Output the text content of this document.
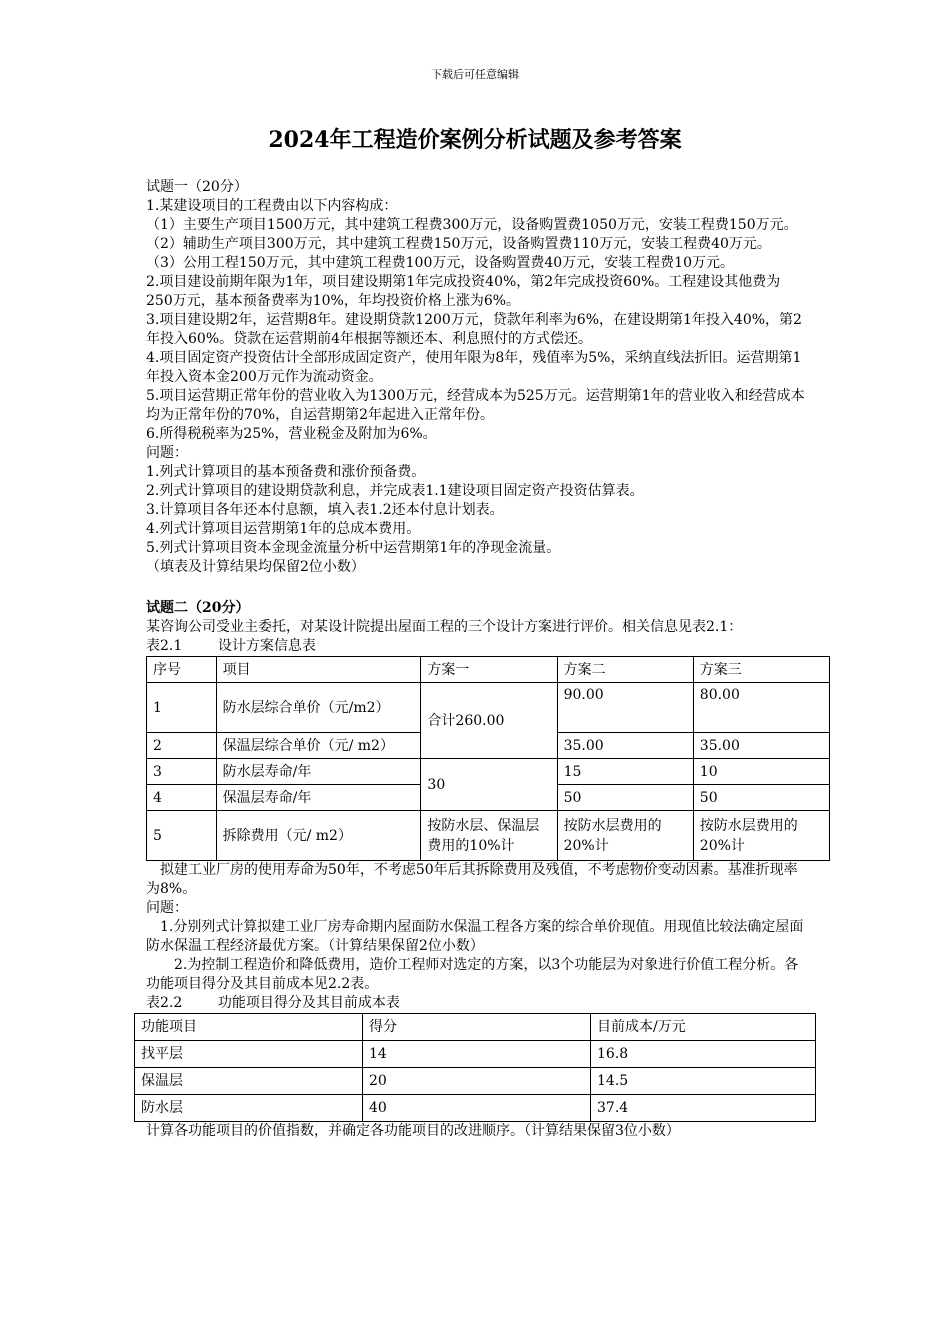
下载后可任意编辑
2024年工程造价案例分析试题及参考答案

试题一（20分）

1.某建设项目的工程费由以下内容构成：

（1）主要生产项目1500万元，其中建筑工程费300万元，设备购置费1050万元，安装工程费150万元。

（2）辅助生产项目300万元，其中建筑工程费150万元，设备购置费110万元，安装工程费40万元。

（3）公用工程150万元，其中建筑工程费100万元，设备购置费40万元，安装工程费10万元。

2.项目建设前期年限为1年，项目建设期第1年完成投资40%，第2年完成投资60%。工程建设其他费为250万元，基本预备费率为10%，年均投资价格上涨为6%。

3.项目建设期2年，运营期8年。建设期贷款1200万元，贷款年利率为6%，在建设期第1年投入40%，第2年投入60%。贷款在运营期前4年根据等额还本、利息照付的方式偿还。

4.项目固定资产投资估计全部形成固定资产，使用年限为8年，残值率为5%，采纳直线法折旧。运营期第1年投入资本金200万元作为流动资金。

5.项目运营期正常年份的营业收入为1300万元，经营成本为525万元。运营期第1年的营业收入和经营成本均为正常年份的70%，自运营期第2年起进入正常年份。

6.所得税税率为25%，营业税金及附加为6%。

问题：

1.列式计算项目的基本预备费和涨价预备费。

2.列式计算项目的建设期贷款利息，并完成表1.1建设项目固定资产投资估算表。

3.计算项目各年还本付息额，填入表1.2还本付息计划表。

4.列式计算项目运营期第1年的总成本费用。

5.列式计算项目资本金现金流量分析中运营期第1年的净现金流量。

（填表及计算结果均保留2位小数）

试题二（20分）

某咨询公司受业主委托，对某设计院提出屋面工程的三个设计方案进行评价。相关信息见表2.1：

表2.1	设计方案信息表

序号	项目	方案一	方案二	方案三
1	防水层综合单价（元/m2）	合计260.00	90.00	80.00
2	保温层综合单价（元/ m2）		35.00	35.00
3	防水层寿命/年	30	15	10
4	保温层寿命/年		50	50
5	拆除费用（元/ m2）	按防水层、保温层费用的10%计	按防水层费用的20%计	按防水层费用的20%计

拟建工业厂房的使用寿命为50年，不考虑50年后其拆除费用及残值，不考虑物价变动因素。基准折现率为8%。

问题：

1.分别列式计算拟建工业厂房寿命期内屋面防水保温工程各方案的综合单价现值。用现值比较法确定屋面防水保温工程经济最优方案。（计算结果保留2位小数）

2.为控制工程造价和降低费用，造价工程师对选定的方案，以3个功能层为对象进行价值工程分析。各功能项目得分及其目前成本见2.2表。

表2.2	功能项目得分及其目前成本表

功能项目	得分	目前成本/万元
找平层	14	16.8
保温层	20	14.5
防水层	40	37.4

计算各功能项目的价值指数，并确定各功能项目的改进顺序。（计算结果保留3位小数）
